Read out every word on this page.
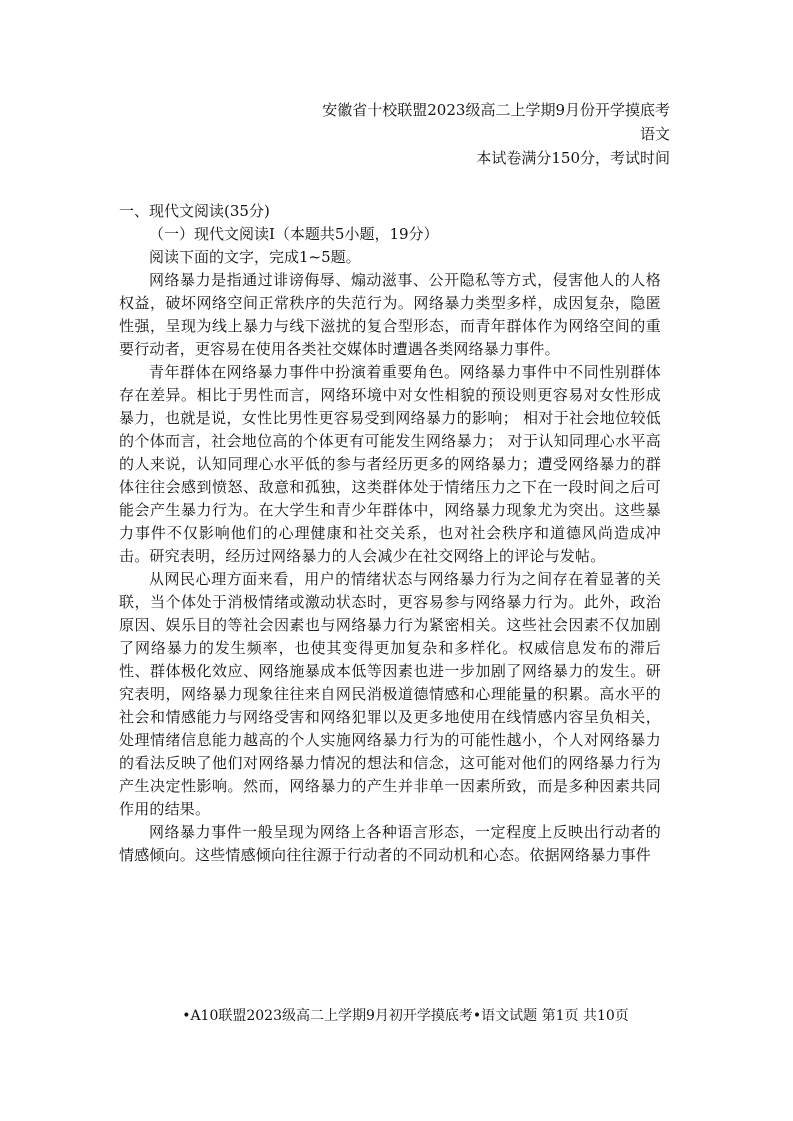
安徽省十校联盟2023级高二上学期9月份开学摸底考
语文
本试卷满分150分，考试时间
一、现代文阅读(35分)
（一）现代文阅读Ⅰ（本题共5小题，19分）

阅读下面的文字，完成1~5题。

网络暴力是指通过诽谤侮辱、煽动滋事、公开隐私等方式，侵害他人的人格权益，破坏网络空间正常秩序的失范行为。网络暴力类型多样，成因复杂，隐匿性强，呈现为线上暴力与线下滋扰的复合型形态，而青年群体作为网络空间的重要行动者，更容易在使用各类社交媒体时遭遇各类网络暴力事件。

青年群体在网络暴力事件中扮演着重要角色。网络暴力事件中不同性别群体存在差异。相比于男性而言，网络环境中对女性相貌的预设则更容易对女性形成暴力，也就是说，女性比男性更容易受到网络暴力的影响； 相对于社会地位较低的个体而言，社会地位高的个体更有可能发生网络暴力； 对于认知同理心水平高的人来说，认知同理心水平低的参与者经历更多的网络暴力；遭受网络暴力的群体往往会感到愤怒、敌意和孤独，这类群体处于情绪压力之下在一段时间之后可能会产生暴力行为。在大学生和青少年群体中，网络暴力现象尤为突出。这些暴力事件不仅影响他们的心理健康和社交关系，也对社会秩序和道德风尚造成冲击。研究表明，经历过网络暴力的人会减少在社交网络上的评论与发帖。

从网民心理方面来看，用户的情绪状态与网络暴力行为之间存在着显著的关联，当个体处于消极情绪或激动状态时，更容易参与网络暴力行为。此外，政治原因、娱乐目的等社会因素也与网络暴力行为紧密相关。这些社会因素不仅加剧了网络暴力的发生频率，也使其变得更加复杂和多样化。权威信息发布的滞后性、群体极化效应、网络施暴成本低等因素也进一步加剧了网络暴力的发生。研究表明，网络暴力现象往往来自网民消极道德情感和心理能量的积累。高水平的社会和情感能力与网络受害和网络犯罪以及更多地使用在线情感内容呈负相关，处理情绪信息能力越高的个人实施网络暴力行为的可能性越小，个人对网络暴力的看法反映了他们对网络暴力情况的想法和信念，这可能对他们的网络暴力行为产生决定性影响。然而，网络暴力的产生并非单一因素所致，而是多种因素共同作用的结果。

网络暴力事件一般呈现为网络上各种语言形态，一定程度上反映出行动者的情感倾向。这些情感倾向往往源于行动者的不同动机和心态。依据网络暴力事件

•A10联盟2023级高二上学期9月初开学摸底考•语文试题 第1页 共10页
